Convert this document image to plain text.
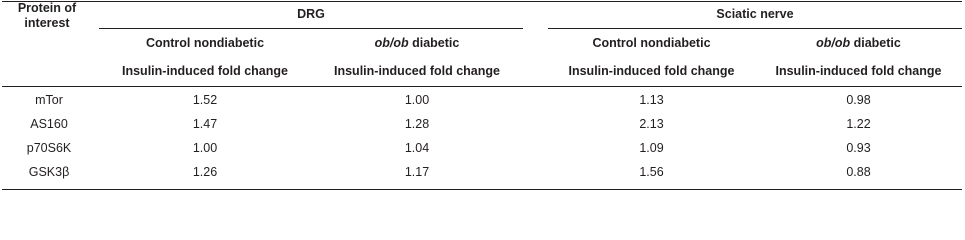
Protein of
interest
DRG	Sciatic nerve
Control nondiabetic	ob/ob diabetic	Control nondiabetic	ob/ob diabetic
Insulin-induced fold change	Insulin-induced fold change	Insulin-induced fold change	Insulin-induced fold change
mTor	1.52	1.00	1.13	0.98
AS160	1.47	1.28	2.13	1.22
p70S6K	1.00	1.04	1.09	0.93
GSK3β	1.26	1.17	1.56	0.88
